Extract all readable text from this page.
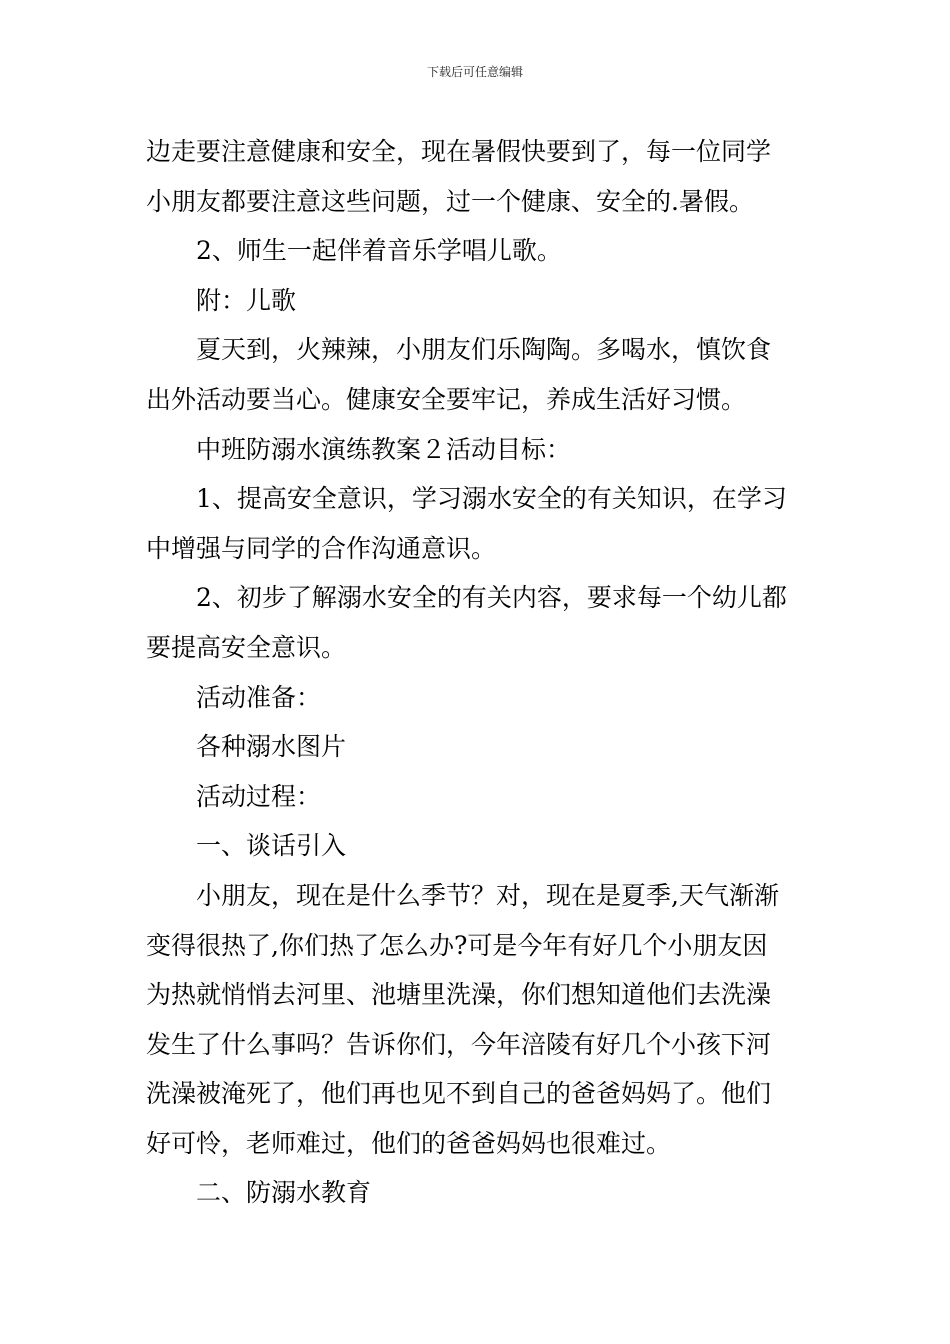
下载后可任意编辑
边走要注意健康和安全，现在暑假快要到了，每一位同学
小朋友都要注意这些问题，过一个健康、安全的.暑假。
2、师生一起伴着音乐学唱儿歌。
附：儿歌
夏天到，火辣辣，小朋友们乐陶陶。多喝水，慎饮食
出外活动要当心。健康安全要牢记，养成生活好习惯。
中班防溺水演练教案２活动目标：
1、提高安全意识，学习溺水安全的有关知识，在学习
中增强与同学的合作沟通意识。
2、初步了解溺水安全的有关内容，要求每一个幼儿都
要提高安全意识。
活动准备：
各种溺水图片
活动过程：
一、谈话引入
小朋友，现在是什么季节？对，现在是夏季,天气渐渐
变得很热了,你们热了怎么办?可是今年有好几个小朋友因
为热就悄悄去河里、池塘里洗澡，你们想知道他们去洗澡
发生了什么事吗？告诉你们，今年涪陵有好几个小孩下河
洗澡被淹死了，他们再也见不到自己的爸爸妈妈了。他们
好可怜，老师难过，他们的爸爸妈妈也很难过。
二、防溺水教育
